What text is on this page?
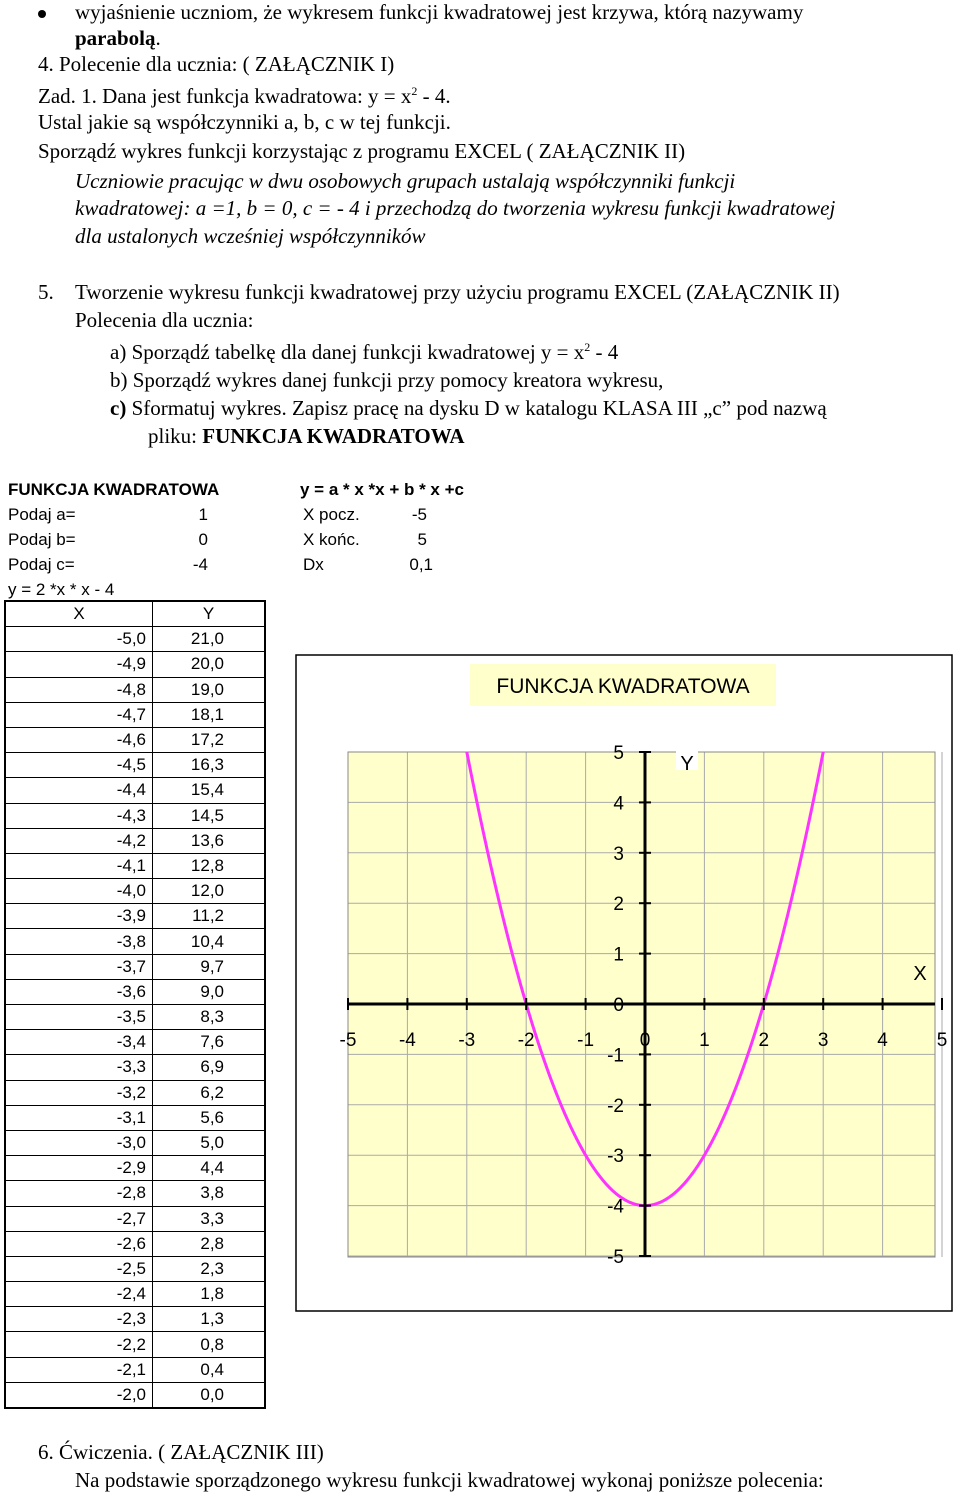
wyjaśnienie uczniom, że wykresem funkcji kwadratowej jest krzywa, którą nazywamy
parabolą.
4. Polecenie dla ucznia: ( ZAŁĄCZNIK I)
Zad. 1. Dana jest funkcja kwadratowa: $y = x^2 - 4$.
Ustal jakie są współczynniki a, b, c w tej funkcji.
Sporządź wykres funkcji korzystając z programu EXCEL ( ZAŁĄCZNIK II)
Uczniowie pracując w dwu osobowych grupach ustalają współczynniki funkcji
kwadratowej: a =1, b = 0, c = - 4 i przechodzą do tworzenia wykresu funkcji kwadratowej
dla ustalonych wcześniej współczynników
5. Tworzenie wykresu funkcji kwadratowej przy użyciu programu EXCEL (ZAŁĄCZNIK II)
Polecenia dla ucznia:
a) Sporządź tabelkę dla danej funkcji kwadratowej $y = x^2 - 4$
b) Sporządź wykres danej funkcji przy pomocy kreatora wykresu,
c) Sformatuj wykres. Zapisz pracę na dysku D w katalogu KLASA III „c” pod nazwą
pliku: FUNKCJA KWADRATOWA
FUNKCJA KWADRATOWA	y = a * x *x + b * x +c
Podaj a=	1	X pocz.	-5
Podaj b=	0	X końc.	5
Podaj c=	-4	Dx	0,1
y = 2 *x * x - 4
X	Y
-5,0	21,0
-4,9	20,0
-4,8	19,0
-4,7	18,1
-4,6	17,2
-4,5	16,3
-4,4	15,4
-4,3	14,5
-4,2	13,6
-4,1	12,8
-4,0	12,0
-3,9	11,2
-3,8	10,4
-3,7	9,7
-3,6	9,0
-3,5	8,3
-3,4	7,6
-3,3	6,9
-3,2	6,2
-3,1	5,6
-3,0	5,0
-2,9	4,4
-2,8	3,8
-2,7	3,3
-2,6	2,8
-2,5	2,3
-2,4	1,8
-2,3	1,3
-2,2	0,8
-2,1	0,4
-2,0	0,0
-5 -4 -3 -2 -1 0	1	2	3	4	5
5
4
3
2
1
0
-1
-2
-3
-4
-5
FUNKCJA KWADRATOWA
Y
X
6. Ćwiczenia. ( ZAŁĄCZNIK III)
Na podstawie sporządzonego wykresu funkcji kwadratowej wykonaj poniższe polecenia:
